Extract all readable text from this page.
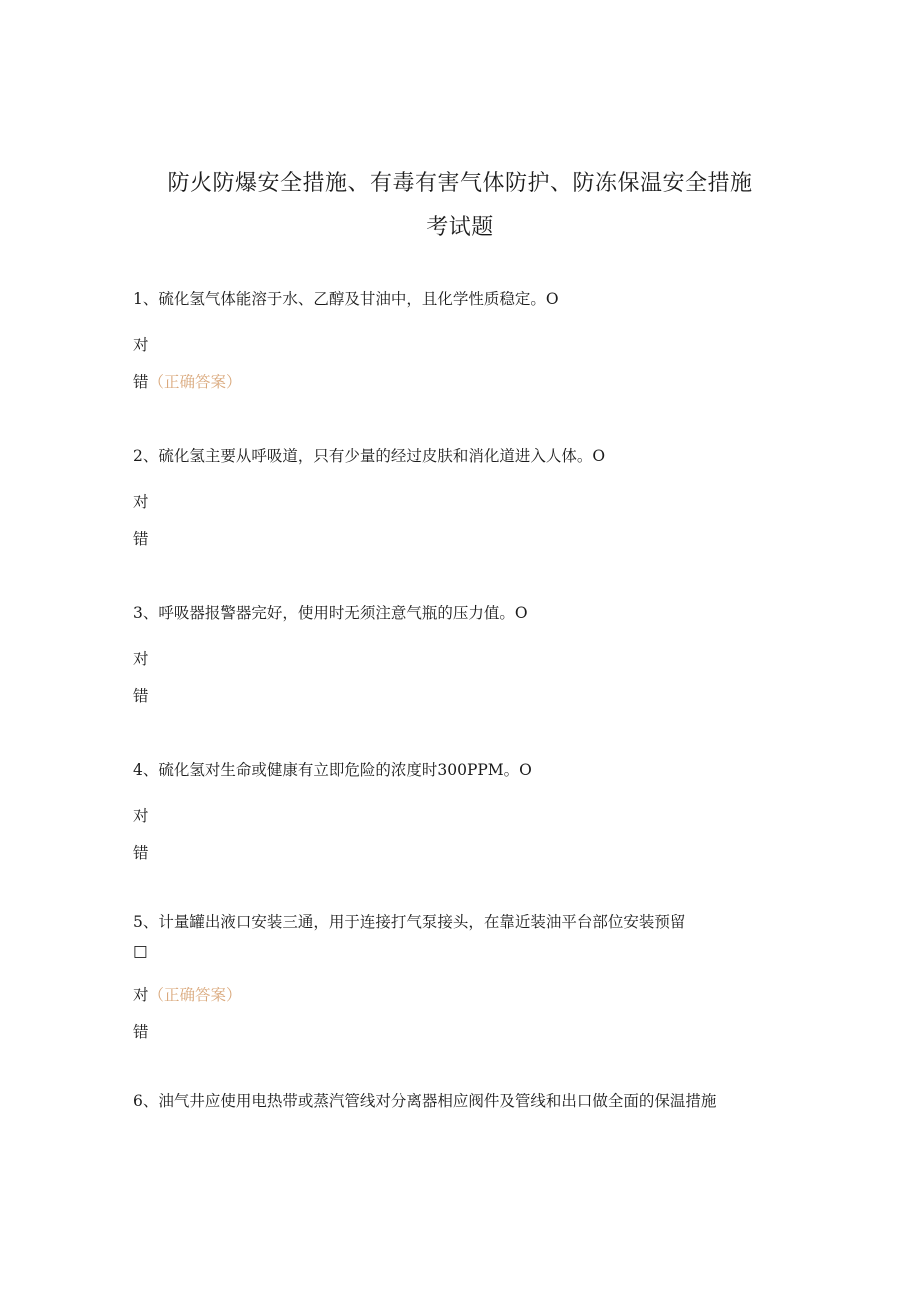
防火防爆安全措施、有毒有害气体防护、防冻保温安全措施
考试题
1、硫化氢气体能溶于水、乙醇及甘油中，且化学性质稳定。O
对
错（正确答案）
2、硫化氢主要从呼吸道，只有少量的经过皮肤和消化道进入人体。O
对
错
3、呼吸器报警器完好，使用时无须注意气瓶的压力值。O
对
错
4、硫化氢对生命或健康有立即危险的浓度时300PPM。O
对
错
5、计量罐出液口安装三通，用于连接打气泵接头，在靠近装油平台部位安装预留
□
对（正确答案）
错
6、油气井应使用电热带或蒸汽管线对分离器相应阀件及管线和出口做全面的保温措施
